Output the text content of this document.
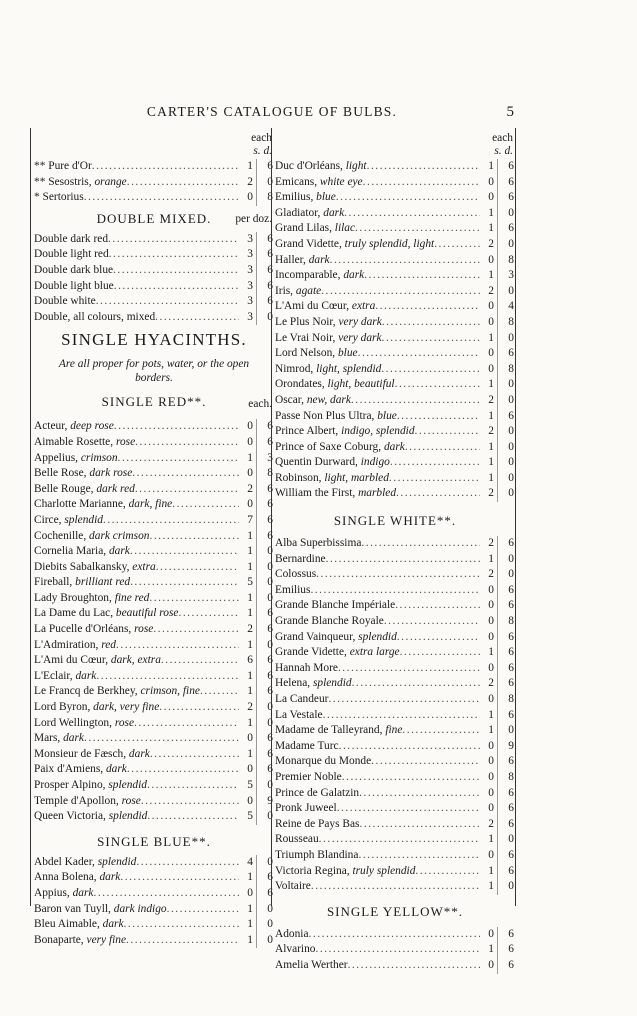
CARTER'S CATALOGUE OF BULBS.	5
each
s. d.
** Pure d'Or .....	1	6
** Sesostris, orange .....	2	0
* Sertorius .....	0	8
DOUBLE MIXED. per doz.
Double dark red .....	3	6
Double light red .....	3	6
Double dark blue .....	3	6
Double light blue .....	3	6
Double white .....	3	6
Double, all colours, mixed .....	3	0
SINGLE HYACINTHS.
Are all proper for pots, water, or the open borders.
SINGLE RED**.	each.
Acteur, deep rose .....	0	6
Aimable Rosette, rose .....	0	6
Appelius, crimson .....	1	3
Belle Rose, dark rose .....	0	8
Belle Rouge, dark red .....	2	6
Charlotte Marianne, dark, fine .....	0	6
Circe, splendid .....	7	6
Cochenille, dark crimson .....	1	6
Cornelia Maria, dark .....	1	0
Diebits Sabalkansky, extra .....	1	0
Fireball, brilliant red .....	5	0
Lady Broughton, fine red .....	1	0
La Dame du Lac, beautiful rose .....	1	6
La Pucelle d'Orléans, rose .....	2	6
L'Admiration, red .....	1	0
L'Ami du Cœur, dark, extra .....	6	6
L'Eclair, dark .....	1	6
Le Francq de Berkhey, crimson, fine .....	1	6
Lord Byron, dark, very fine .....	2	0
Lord Wellington, rose .....	1	0
Mars, dark .....	0	6
Monsieur de Fæsch, dark .....	1	6
Paix d'Amiens, dark .....	0	6
Prosper Alpino, splendid .....	5	0
Temple d'Apollon, rose .....	0	9
Queen Victoria, splendid .....	5	0
SINGLE BLUE**.
Abdel Kader, splendid .....	4	0
Anna Bolena, dark .....	1	6
Appius, dark .....	0	6
Baron van Tuyll, dark indigo .....	1	0
Bleu Aimable, dark .....	1	0
Bonaparte, very fine .....	1	0
each
s. d.
Duc d'Orléans, light .....	1	6
Emicans, white eye .....	0	6
Emilius, blue .....	0	6
Gladiator, dark .....	1	0
Grand Lilas, lilac .....	1	6
Grand Vidette, truly splendid, light .....	2	0
Haller, dark .....	0	8
Incomparable, dark .....	1	3
Iris, agate .....	2	0
L'Ami du Cœur, extra .....	0	4
Le Plus Noir, very dark .....	0	8
Le Vrai Noir, very dark .....	1	0
Lord Nelson, blue .....	0	6
Nimrod, light, splendid .....	0	8
Orondates, light, beautiful .....	1	0
Oscar, new, dark .....	2	0
Passe Non Plus Ultra, blue .....	1	6
Prince Albert, indigo, splendid .....	2	0
Prince of Saxe Coburg, dark .....	1	0
Quentin Durward, indigo .....	1	0
Robinson, light, marbled .....	1	0
William the First, marbled .....	2	0
SINGLE WHITE**.
Alba Superbissima .....	2	6
Bernardine .....	1	0
Colossus .....	2	0
Emilius .....	0	6
Grande Blanche Impériale .....	0	6
Grande Blanche Royale .....	0	8
Grand Vainqueur, splendid .....	0	6
Grande Vidette, extra large .....	1	6
Hannah More .....	0	6
Helena, splendid .....	2	6
La Candeur .....	0	8
La Vestale .....	1	6
Madame de Talleyrand, fine .....	1	0
Madame Turc .....	0	9
Monarque du Monde .....	0	6
Premier Noble .....	0	8
Prince de Galatzin .....	0	6
Pronk Juweel .....	0	6
Reine de Pays Bas .....	2	6
Rousseau .....	1	0
Triumph Blandina .....	0	6
Victoria Regina, truly splendid .....	1	6
Voltaire .....	1	0
SINGLE YELLOW**.
Adonia .....	0	6
Alvarino .....	1	6
Amelia Werther .....	0	6
